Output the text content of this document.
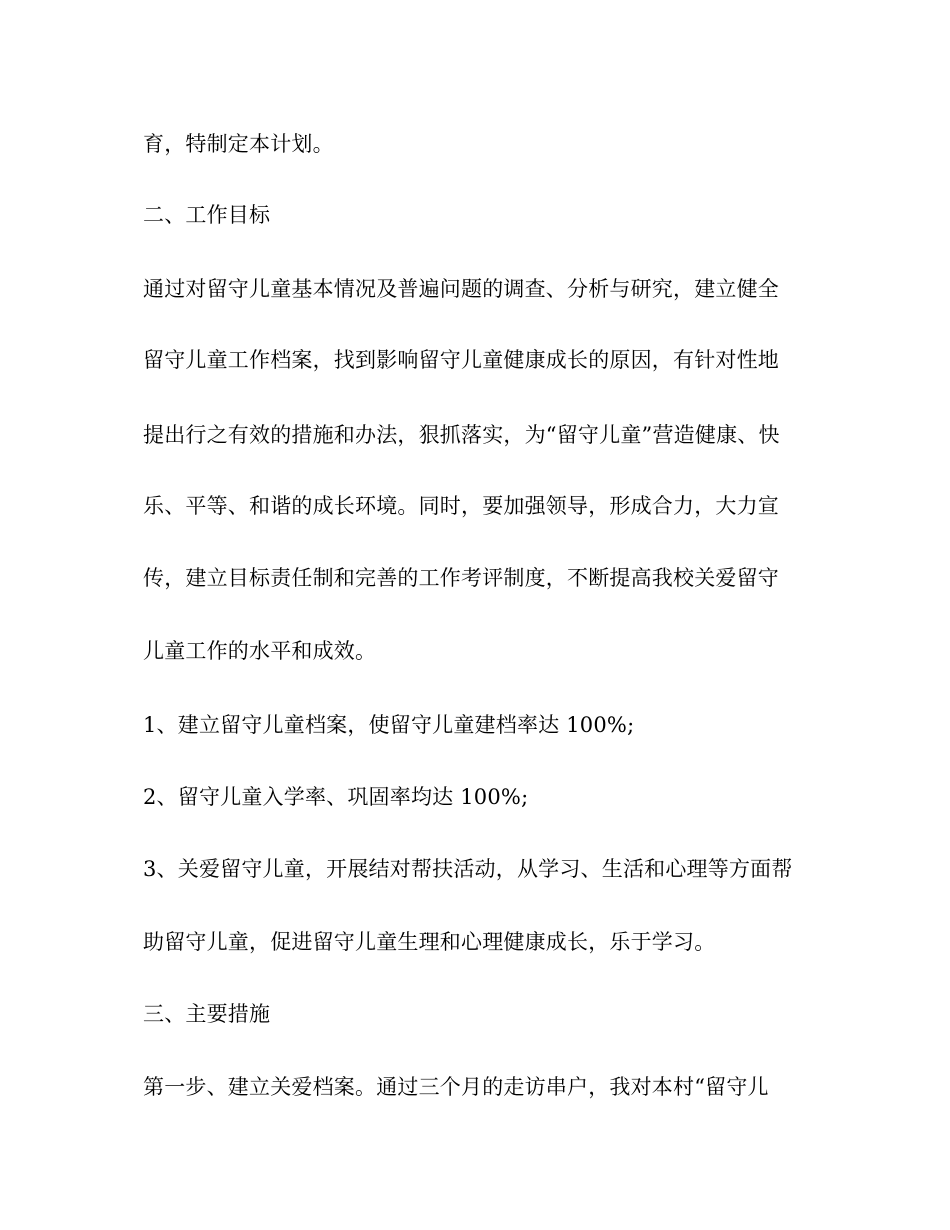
育，特制定本计划。
二、工作目标
通过对留守儿童基本情况及普遍问题的调查、分析与研究，建立健全
留守儿童工作档案，找到影响留守儿童健康成长的原因，有针对性地
提出行之有效的措施和办法，狠抓落实，为“留守儿童”营造健康、快
乐、平等、和谐的成长环境。同时，要加强领导，形成合力，大力宣
传，建立目标责任制和完善的工作考评制度，不断提高我校关爱留守
儿童工作的水平和成效。
1、建立留守儿童档案，使留守儿童建档率达 100%;
2、留守儿童入学率、巩固率均达 100%;
3、关爱留守儿童，开展结对帮扶活动，从学习、生活和心理等方面帮
助留守儿童，促进留守儿童生理和心理健康成长，乐于学习。
三、主要措施
第一步、建立关爱档案。通过三个月的走访串户，我对本村“留守儿
